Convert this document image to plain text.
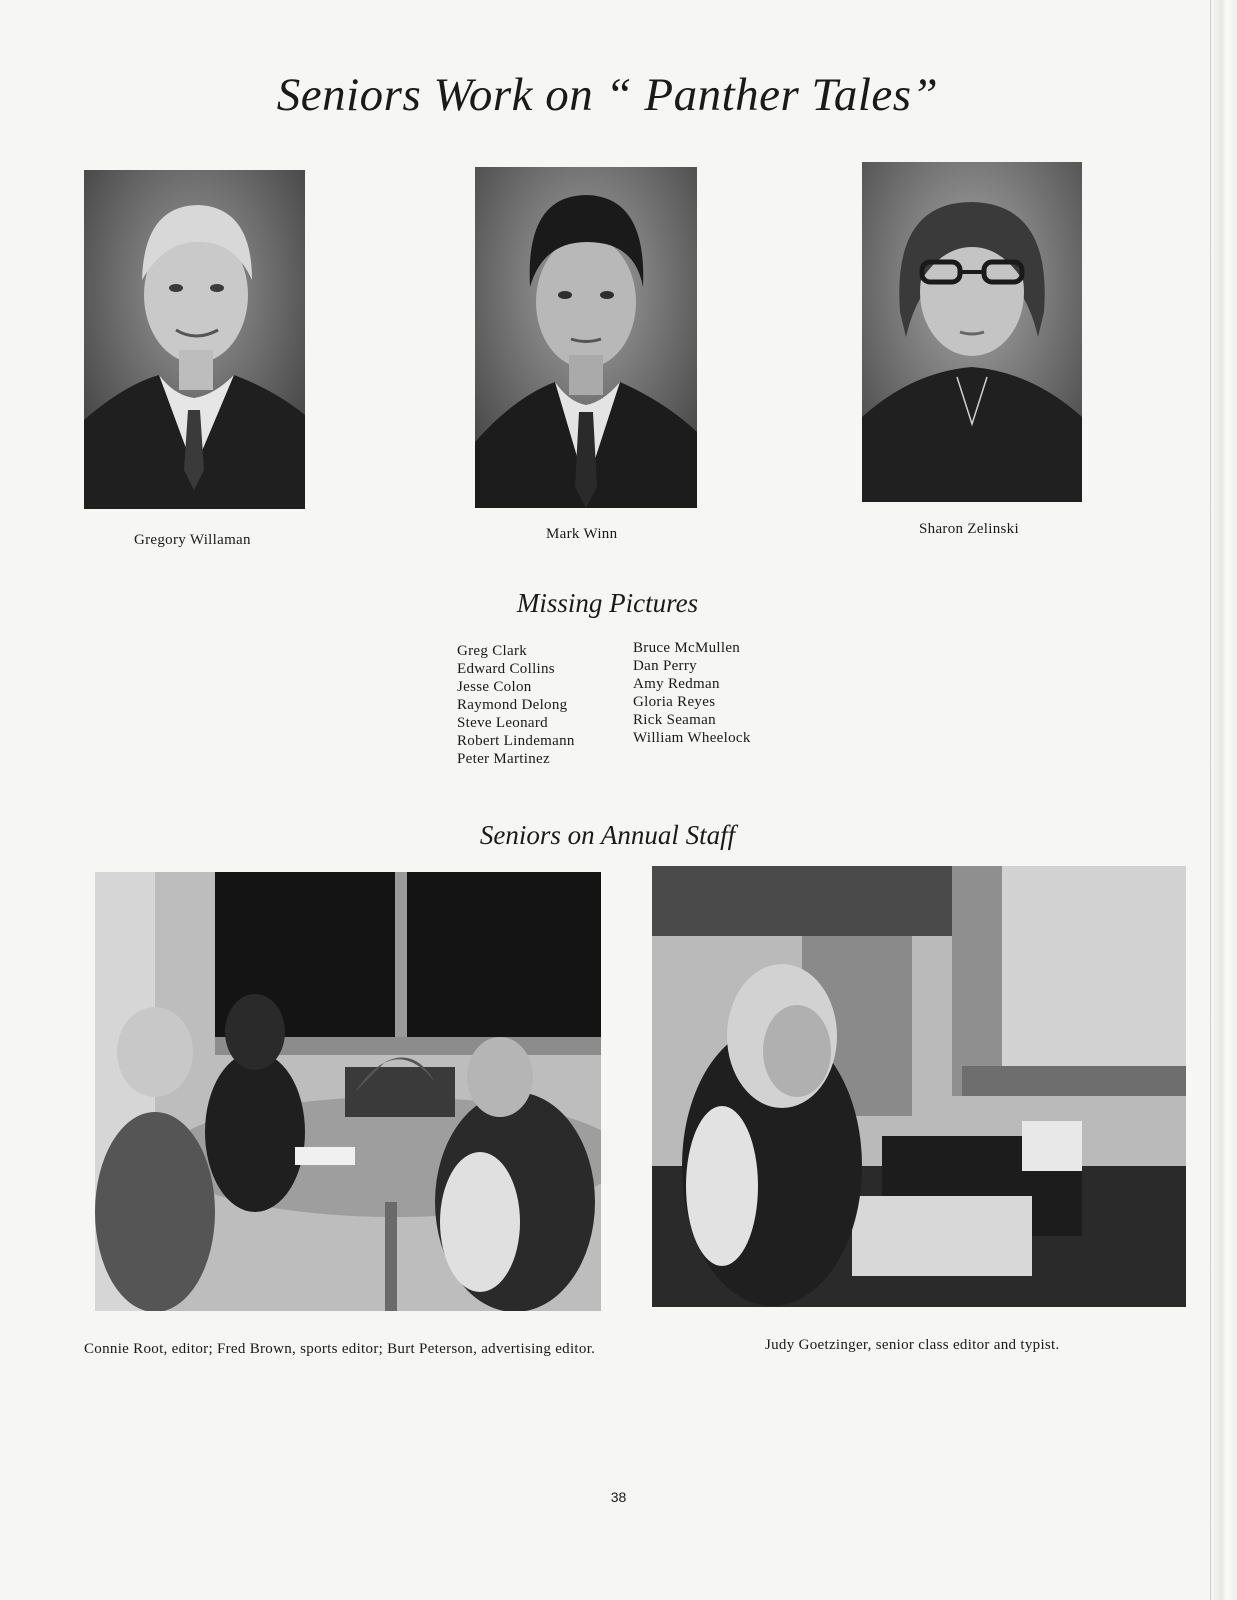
Seniors Work on “ Panther Tales”
Gregory Willaman	Mark Winn	Sharon Zelinski
Missing Pictures
Greg Clark
Edward Collins
Jesse Colon
Raymond Delong
Steve Leonard
Robert Lindemann
Peter Martinez
Bruce McMullen
Dan Perry
Amy Redman
Gloria Reyes
Rick Seaman
William Wheelock
Seniors on Annual Staff
Connie Root, editor; Fred Brown, sports editor; Burt Peterson, advertising editor.	Judy Goetzinger, senior class editor and typist.
38
